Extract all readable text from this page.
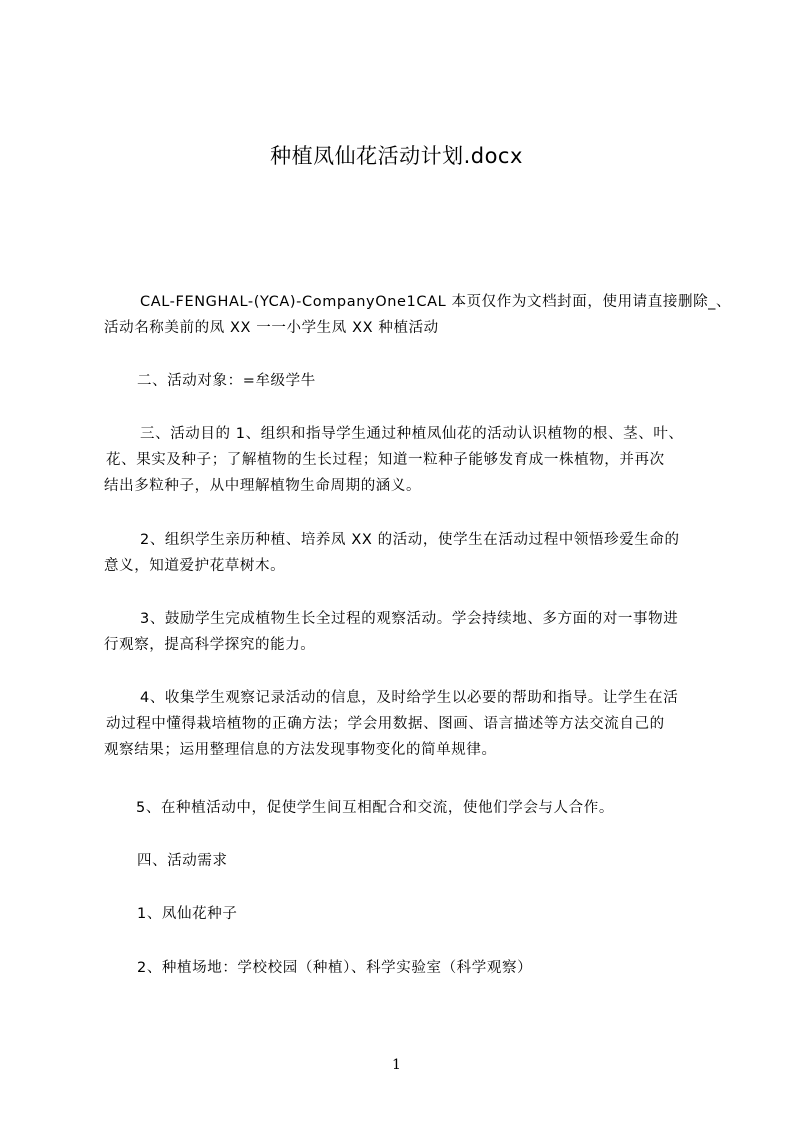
种植凤仙花活动计划.docx
CAL-FENGHAL-(YCA)-CompanyOne1CAL 本页仅作为文档封面，使用请直接删除_、
活动名称美前的凤 XX 一一小学生凤 XX 种植活动
二、活动对象：=牟级学牛
三、活动目的 1、组织和指导学生通过种植凤仙花的活动认识植物的根、茎、叶、
花、果实及种子；了解植物的生长过程；知道一粒种子能够发育成一株植物，并再次
结出多粒种子，从中理解植物生命周期的涵义。
2、组织学生亲历种植、培养凤 XX 的活动，使学生在活动过程中领悟珍爱生命的
意义，知道爱护花草树木。
3、鼓励学生完成植物生长全过程的观察活动。学会持续地、多方面的对一事物进
行观察，提高科学探究的能力。
4、收集学生观察记录活动的信息，及时给学生以必要的帮助和指导。让学生在活
动过程中懂得栽培植物的正确方法；学会用数据、图画、语言描述等方法交流自己的
观察结果；运用整理信息的方法发现事物变化的简单规律。
5、在种植活动中，促使学生间互相配合和交流，使他们学会与人合作。
四、活动需求
1、凤仙花种子
2、种植场地：学校校园（种植）、科学实验室（科学观察）
1
